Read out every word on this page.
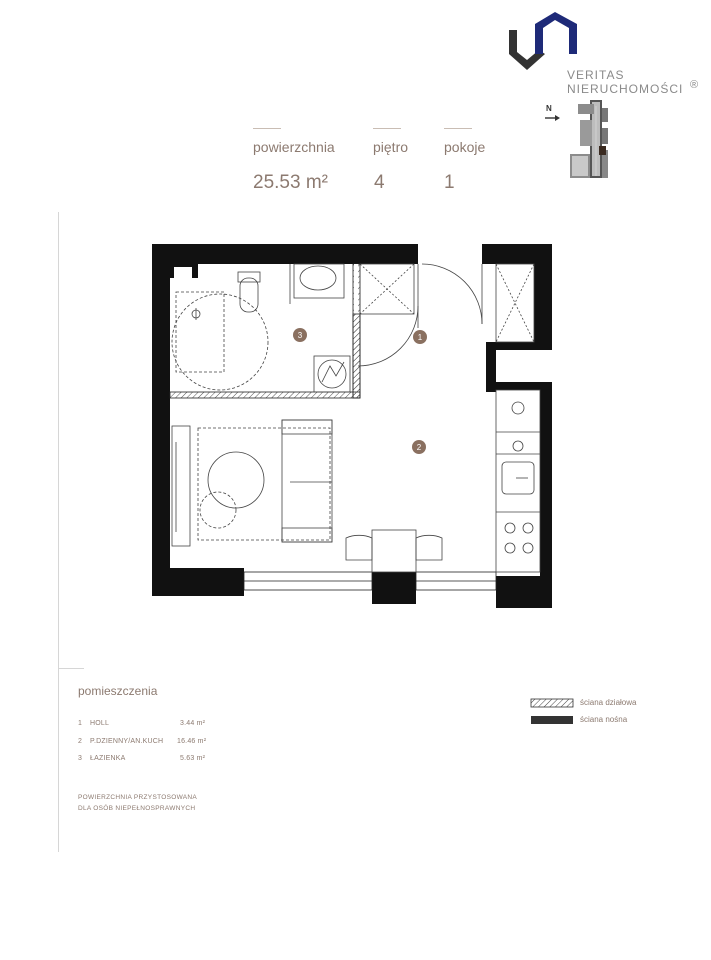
VERITAS
NIERUCHOMOŚCI ®
N
powierzchnia
25.53 m²
piętro
4
pokoje
1
1
2
3
pomieszczenia
1 HOLL	3.44 m²
2 P.DZIENNY/AN.KUCH 16.46 m²
3 ŁAZIENKA	5.63 m²
POWIERZCHNIA PRZYSTOSOWANA
DLA OSÓB NIEPEŁNOSPRAWNYCH
ściana działowa
ściana nośna
